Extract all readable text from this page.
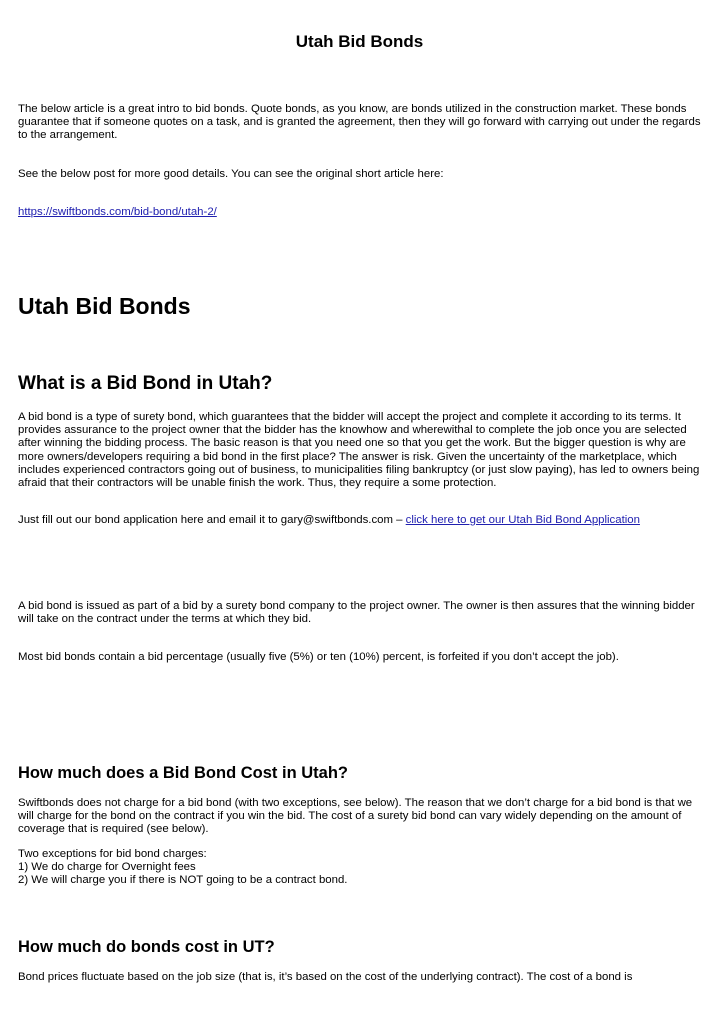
Utah Bid Bonds

The below article is a great intro to bid bonds. Quote bonds, as you know, are bonds utilized in the construction market. These bonds guarantee that if someone quotes on a task, and is granted the agreement, then they will go forward with carrying out under the regards to the arrangement.

See the below post for more good details. You can see the original short article here:

https://swiftbonds.com/bid-bond/utah-2/

Utah Bid Bonds
What is a Bid Bond in Utah?

A bid bond is a type of surety bond, which guarantees that the bidder will accept the project and complete it according to its terms. It provides assurance to the project owner that the bidder has the knowhow and wherewithal to complete the job once you are selected after winning the bidding process. The basic reason is that you need one so that you get the work. But the bigger question is why are more owners/developers requiring a bid bond in the first place? The answer is risk. Given the uncertainty of the marketplace, which includes experienced contractors going out of business, to municipalities filing bankruptcy (or just slow paying), has led to owners being afraid that their contractors will be unable finish the work. Thus, they require a some protection.

Just fill out our bond application here and email it to gary@swiftbonds.com – click here to get our Utah Bid Bond Application

A bid bond is issued as part of a bid by a surety bond company to the project owner. The owner is then assures that the winning bidder will take on the contract under the terms at which they bid.

Most bid bonds contain a bid percentage (usually five (5%) or ten (10%) percent, is forfeited if you don’t accept the job).

How much does a Bid Bond Cost in Utah?

Swiftbonds does not charge for a bid bond (with two exceptions, see below). The reason that we don’t charge for a bid bond is that we will charge for the bond on the contract if you win the bid. The cost of a surety bid bond can vary widely depending on the amount of coverage that is required (see below).

Two exceptions for bid bond charges:

1) We do charge for Overnight fees

2) We will charge you if there is NOT going to be a contract bond.

How much do bonds cost in UT?

Bond prices fluctuate based on the job size (that is, it’s based on the cost of the underlying contract). The cost of a bond is
